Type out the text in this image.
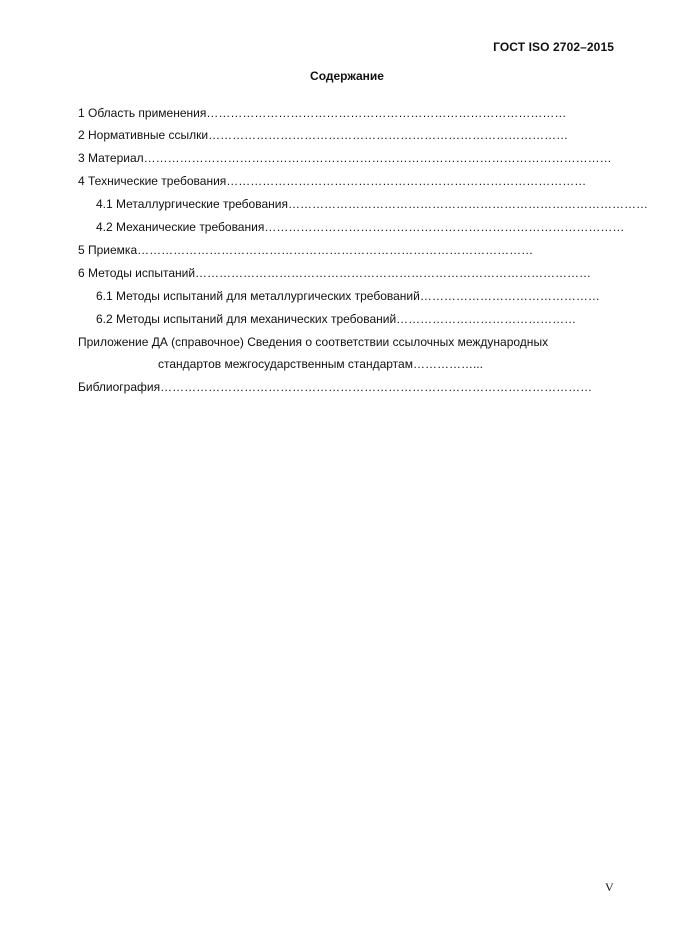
ГОСТ ISO 2702–2015
Содержание
1 Область применения ………………………………………………………………………………
2 Нормативные ссылки ………………………………………………………………………………
3 Материал ………………………………………………………………………………………………………
4 Технические требования ………………………………………………………………………………
4.1 Металлургические требования ………………………………………………………………………………
4.2 Механические требования ………………………………………………………………………………
5 Приемка ………………………………………………………………………………………
6 Методы испытаний ………………………………………………………………………………………
6.1 Методы испытаний для металлургических требований ………………………………………
6.2 Методы испытаний для механических требований ………………………………………
Приложение ДА (справочное) Сведения о соответствии ссылочных международных
стандартов межгосударственным стандартам ……………...
Библиография ………………………………………………………………………………………………
V
